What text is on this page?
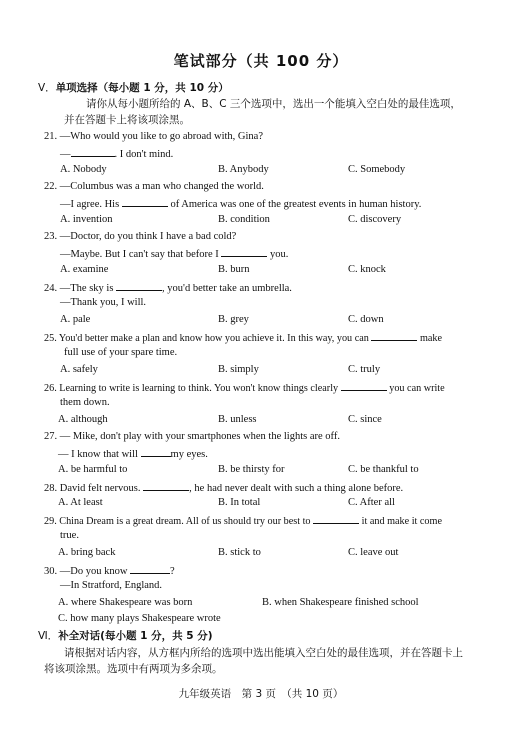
笔试部分（共 100 分）
Ⅴ．单项选择（每小题 1 分，共 10 分）
请你从每小题所给的 A、B、C 三个选项中，选出一个能填入空白处的最佳选项，
并在答题卡上将该项涂黑。
21. —Who would you like to go abroad with, Gina?
—	. I don't mind.
A. Nobody	B. Anybody	C. Somebody
22. —Columbus was a man who changed the world.
—I agree. His	of America was one of the greatest events in human history.
A. invention	B. condition	C. discovery
23. —Doctor, do you think I have a bad cold?
—Maybe. But I can't say that before I	you.
A. examine	B. burn	C. knock
24. —The sky is	, you'd better take an umbrella.
—Thank you, I will.
A. pale	B. grey	C. down
25. You'd better make a plan and know how you achieve it. In this way, you can	make
full use of your spare time.
A. safely	B. simply	C. truly
26. Learning to write is learning to think. You won't know things clearly	you can write
them down.
A. although	B. unless	C. since
27. — Mike, don't play with your smartphones when the lights are off.
— I know that will	my eyes.
A. be harmful to	B. be thirsty for	C. be thankful to
28. David felt nervous.	, he had never dealt with such a thing alone before.
A. At least	B. In total	C. After all
29. China Dream is a great dream. All of us should try our best to	it and make it come
true.
A. bring back	B. stick to	C. leave out
30. —Do you know	?
—In Stratford, England.
A. where Shakespeare was born	B. when Shakespeare finished school
C. how many plays Shakespeare wrote
Ⅵ．补全对话(每小题 1 分，共 5 分)
请根据对话内容，从方框内所给的选项中选出能填入空白处的最佳选项，并在答题卡上
将该项涂黑。选项中有两项为多余项。
九年级英语　第 3 页　（共 10 页）
